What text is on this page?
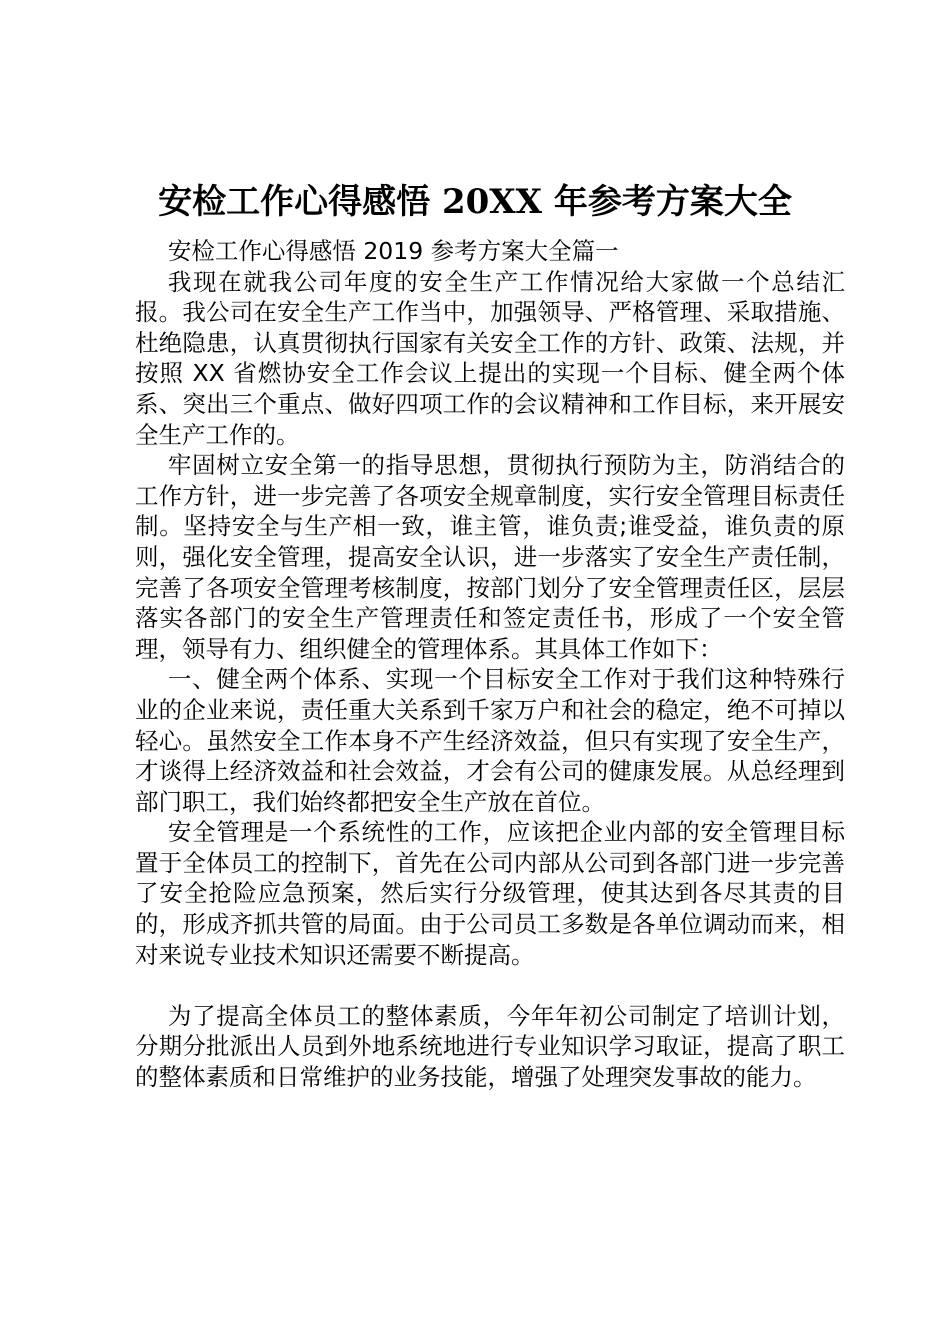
安检工作心得感悟 20XX 年参考方案大全

安检工作心得感悟 2019 参考方案大全篇一

我现在就我公司年度的安全生产工作情况给大家做一个总结汇报。我公司在安全生产工作当中，加强领导、严格管理、采取措施、杜绝隐患，认真贯彻执行国家有关安全工作的方针、政策、法规，并按照 XX 省燃协安全工作会议上提出的实现一个目标、健全两个体系、突出三个重点、做好四项工作的会议精神和工作目标，来开展安全生产工作的。

牢固树立安全第一的指导思想，贯彻执行预防为主，防消结合的工作方针，进一步完善了各项安全规章制度，实行安全管理目标责任制。坚持安全与生产相一致，谁主管，谁负责;谁受益，谁负责的原则，强化安全管理，提高安全认识，进一步落实了安全生产责任制，完善了各项安全管理考核制度，按部门划分了安全管理责任区，层层落实各部门的安全生产管理责任和签定责任书，形成了一个安全管理，领导有力、组织健全的管理体系。其具体工作如下：

一、健全两个体系、实现一个目标安全工作对于我们这种特殊行业的企业来说，责任重大关系到千家万户和社会的稳定，绝不可掉以轻心。虽然安全工作本身不产生经济效益，但只有实现了安全生产，才谈得上经济效益和社会效益，才会有公司的健康发展。从总经理到部门职工，我们始终都把安全生产放在首位。

安全管理是一个系统性的工作，应该把企业内部的安全管理目标置于全体员工的控制下，首先在公司内部从公司到各部门进一步完善了安全抢险应急预案，然后实行分级管理，使其达到各尽其责的目的，形成齐抓共管的局面。由于公司员工多数是各单位调动而来，相对来说专业技术知识还需要不断提高。

为了提高全体员工的整体素质，今年年初公司制定了培训计划，分期分批派出人员到外地系统地进行专业知识学习取证，提高了职工的整体素质和日常维护的业务技能，增强了处理突发事故的能力。
